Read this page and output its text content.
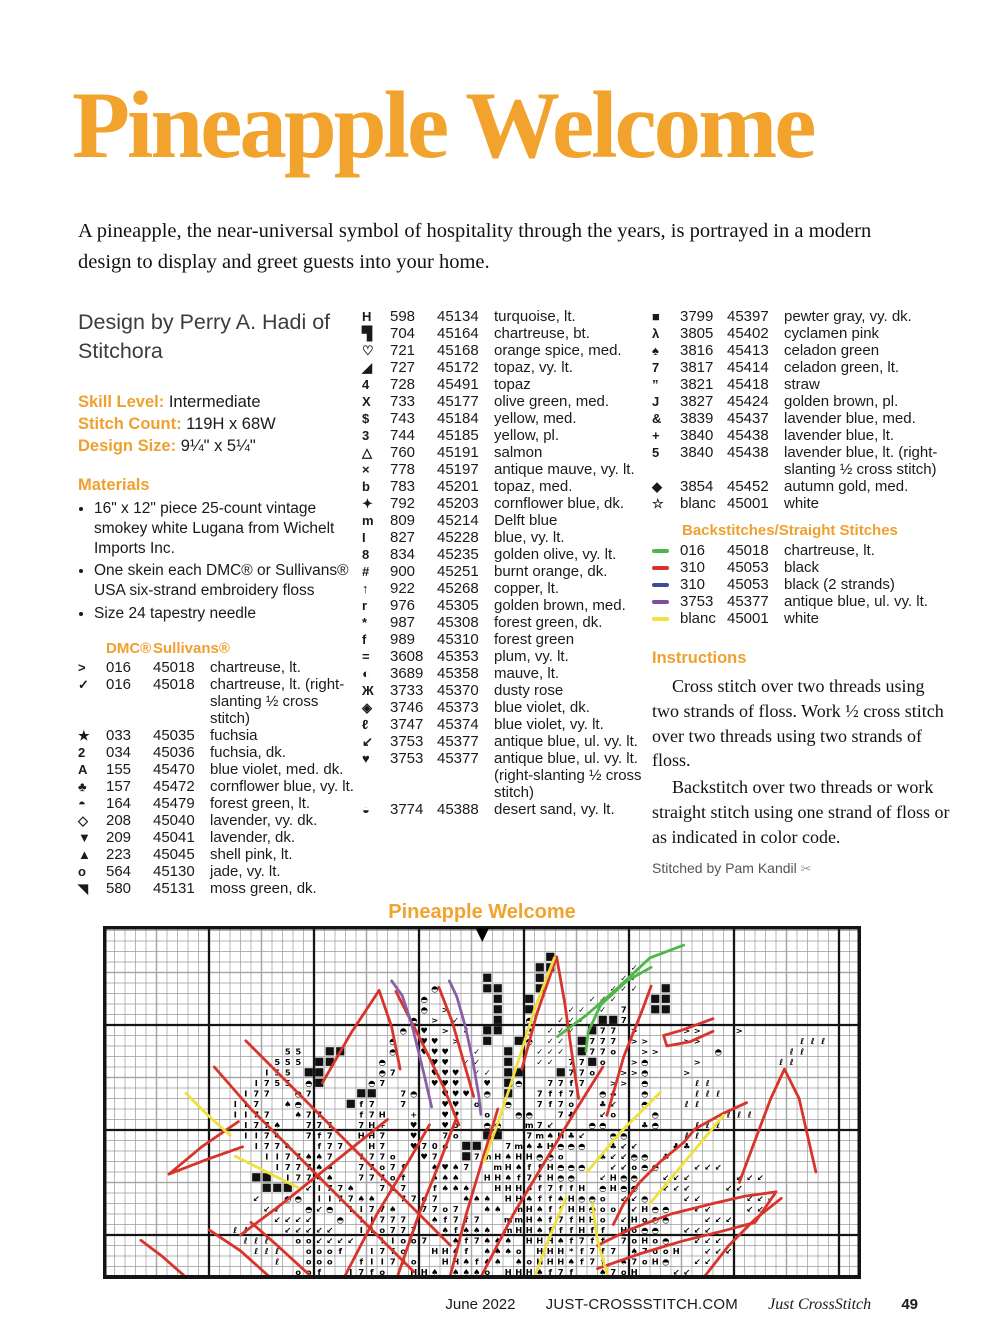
Pineapple Welcome
A pineapple, the near-universal symbol of hospitality through the years, is portrayed in a modern design to display and greet guests into your home.
Design by Perry A. Hadi of Stitchora
Skill Level: Intermediate
Stitch Count: 119H x 68W
Design Size: 9¼" x 5¼"
Materials
• 16" x 12" piece 25-count vintage smokey white Lugana from Wichelt Imports Inc.
• One skein each DMC® or Sullivans® USA six-strand embroidery floss
• Size 24 tapestry needle
DMC® Sullivans®
>	016	45018	chartreuse, lt.
✓	016	45018	chartreuse, lt. (right-slanting ½ cross stitch)
★	033	45035	fuchsia
2	034	45036	fuchsia, dk.
A	155	45470	blue violet, med. dk.
♣	157	45472	cornflower blue, vy. lt.
◓	164	45479	forest green, lt.
◇	208	45040	lavender, vy. dk.
▼	209	45041	lavender, dk.
▲	223	45045	shell pink, lt.
o	564	45130	jade, vy. lt.
◥	580	45131	moss green, dk.
H	598	45134	turquoise, lt.
▜	704	45164	chartreuse, bt.
♡	721	45168	orange spice, med.
◢	727	45172	topaz, vy. lt.
4	728	45491	topaz
X	733	45177	olive green, med.
$	743	45184	yellow, med.
3	744	45185	yellow, pl.
△	760	45191	salmon
×	778	45197	antique mauve, vy. lt.
b	783	45201	topaz, med.
✦	792	45203	cornflower blue, dk.
m	809	45214	Delft blue
I	827	45228	blue, vy. lt.
8	834	45235	golden olive, vy. lt.
#	900	45251	burnt orange, dk.
↑	922	45268	copper, lt.
r	976	45305	golden brown, med.
*	987	45308	forest green, dk.
f	989	45310	forest green
=	3608 45353	plum, vy. lt.
◐	3689 45358	mauve, lt.
Ж	3733 45370	dusty rose
◈	3746 45373	blue violet, dk.
ℓ	3747 45374	blue violet, vy. lt.
↙	3753 45377	antique blue, ul. vy. lt.
♥	3753 45377	antique blue, ul. vy. lt. (right-slanting ½ cross stitch)
◒	3774 45388	desert sand, vy. lt.
■	3799 45397	pewter gray, vy. dk.
λ	3805 45402	cyclamen pink
♠	3816 45413	celadon green
7	3817 45414	celadon green, lt.
”	3821 45418	straw
J	3827 45424	golden brown, pl.
&	3839 45437	lavender blue, med.
+	3840 45438	lavender blue, lt.
5	3840 45438	lavender blue, lt. (right-slanting ½ cross stitch)
◆	3854 45452	autumn gold, med.
☆	blanc 45001	white
Backstitches/Straight Stitches
016	45018	chartreuse, lt.
310	45053	black
310	45053	black (2 strands)
3753 45377	antique blue, ul. vy. lt.
blanc 45001	white
Instructions

Cross stitch over two threads using two strands of floss. Work ½ cross stitch over two threads using two strands of floss.

Backstitch over two threads or work straight stitch using one strand of floss or as indicated in color code.

Stitched by Pam Kandil ✂
Pineapple Welcome
✓
✓ ✓
◓	✓ ✓ ✓
◓	✓ ✓ ✓
◓ >	✓ ✓ ✓ ✓ 7
◓ > ✓	◓	✓ ✓ ✓	7
◓ ♥ > ✓	◓ ✓ ✓ ✓	7 7 >	> >	>
◓	♥ ♥ >	◓ ✓ ✓	7 7 7 > >	> >	ℓ ℓ ℓ
5 5	◓	♥ ♥ ♥	✓	✓ ✓ ✓	7 7 o	> >	◓	ℓ ℓ
5 5 5	◓	♥ ♥ ✓ ✓	✓ ✓ 7 7 o	> ◓	>	ℓ ℓ
I 5 5	◓ 7	♥ ♥ ♥ ✓ ✓	7 7 o	> > ◓	>
I 7 5 5 ◓	◓ 7	♥ ♥ ♥	♥	◓	7 7 f 7	> > ◓	ℓ ℓ
I 7 7	◓ 7	7 ◓	♥ ♥ ♥ ◓	7 f f 7	◓ ♣	◓	ℓ ℓ ℓ
I I 7	♠ ◓	f 7	7	♥ ♥ o	◓	7 f 7 o	♣ ↙	◓	ℓ ℓ
I I 7 7	♠ 7 7	f 7 H	+	♥ ♥	o	◓ ◓	7 ♣	↙ o	◓	ℓ ℓ ℓ
I 7 7 ♠	7 7 f	7 H +	♥	♥ o	◓ ◓	m 7 ↙	◓ ◓	♣ ◓	ℓ ℓ ℓ
I I 7 ♠	7 f 7	H H 7	♥	7 o	7 m ♠ H ♣ ↙	◓ ◓	ℓ ℓ
I 7 7 ♠	f 7 7	H 7	♥ 7 0 o	7 m ♠ ♣ H ◓ ◓ ◓	♣ ↙ ↙	♣ ♣
I I 7 7 ♠ ♠ 7	f 7 7 o	♥ 7	7 m H ♠ H H ◓ ◓ o	♣ ↙ ↙ ◓ ◓ ♣
I 7 7 7 ♠ ♠	7 7 o 7 f	♠ ♥ ♠ 7	m H ♠ f f H ◓ ◓ ◓	↙ ↙ o ◓ ◓	↙ ↙ ↙
I 7 7 ♠ ♠	7 7 7 o f	♠ ♠ ♠	H H ♠ f 7 f H ◓ ◓	↙ H ◓ ◓	↙ ↙ ↙	↙ ↙ ↙
↙ I 7 7 ♠	7 o 7	f ♠ ♠ ♠	H H H ♠ f 7 f f H ◓ H ◓ ◓	↙ ↙ ↙	↙ ↙
↙	◓ ◓ I I 7 7 ♠ ♠	7 7 o 7	♠ ♠ ♠ H H ♠ f f ♠ H ◓ ◓ o ↙ ↙ ◓	↙ ↙	↙ ↙ ↙
↙ ↙	◓ ↙ ◓ I I 7 7 ♠	7 7 o 7	♠ ♠ m H ♠ f f H H ◓ o o ↙ H ◓ ◓	↙ ↙	↙ ↙
↙ ↙ ↙ ↙	◓ I I 7 7 7	♠ f 7 f 7	m m H ♠ f 7 f H H o ↙ H o ◓ ◓	↙ ↙ ↙
ℓ ℓ	↙ ↙ ↙ ↙ ↙	I I o 7 7 7	♠ f ♠ ♠ ♠ m H H ♠ f f f H f f H o ◓ ◓	↙ ↙ ↙
ℓ ℓ ℓ	o o ↙ ↙ ↙ ↙	I I o o 7	♠ f 7 ♠ ♠ ♠ H H H ♠ f 7 f f 7 o H o ◓	↙ ↙ ↙
ℓ ℓ ℓ	o o o f	I 7 f o	H H ♠ f ♠ ♠ ♠ o H H H * f 7 f 7 ♠ 7 o o H	↙ ↙ ↙
ℓ	o o o	f I I 7 f o	H H ♠ f ♠ ♠ ♠ o H H H ♠ f 7 f ♠ 7 o H ◓	↙ ↙
o o f	I 7 f o	H H ♠ ♠ ♠ ♠ o H H H ♠ f 7 f	♠ 7 o H	↙ ↙
June 2022 JUST-CROSSSTITCH.COM Just CrossStitch 49
